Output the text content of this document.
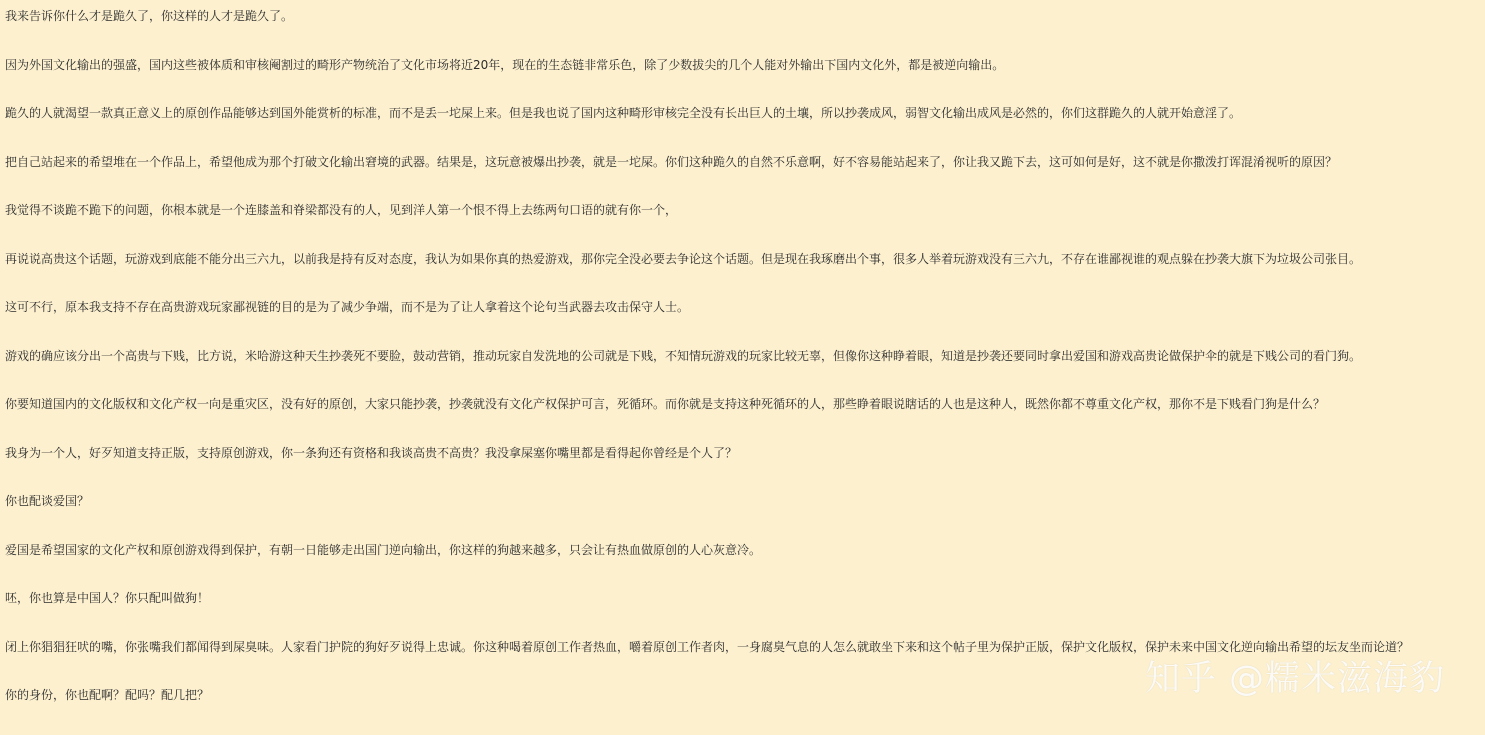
我来告诉你什么才是跪久了，你这样的人才是跪久了。

因为外国文化输出的强盛，国内这些被体质和审核阉割过的畸形产物统治了文化市场将近20年，现在的生态链非常乐色，除了少数拔尖的几个人能对外输出下国内文化外，都是被逆向输出。

跪久的人就渴望一款真正意义上的原创作品能够达到国外能赏析的标准，而不是丢一坨屎上来。但是我也说了国内这种畸形审核完全没有长出巨人的土壤，所以抄袭成风，弱智文化输出成风是必然的，你们这群跪久的人就开始意淫了。

把自己站起来的希望堆在一个作品上，希望他成为那个打破文化输出窘境的武器。结果是，这玩意被爆出抄袭，就是一坨屎。你们这种跪久的自然不乐意啊，好不容易能站起来了，你让我又跪下去，这可如何是好，这不就是你撒泼打诨混淆视听的原因？

我觉得不谈跪不跪下的问题，你根本就是一个连膝盖和脊梁都没有的人，见到洋人第一个恨不得上去练两句口语的就有你一个，

再说说高贵这个话题，玩游戏到底能不能分出三六九，以前我是持有反对态度，我认为如果你真的热爱游戏，那你完全没必要去争论这个话题。但是现在我琢磨出个事，很多人举着玩游戏没有三六九，不存在谁鄙视谁的观点躲在抄袭大旗下为垃圾公司张目。

这可不行，原本我支持不存在高贵游戏玩家鄙视链的目的是为了减少争端，而不是为了让人拿着这个论句当武器去攻击保守人士。

游戏的确应该分出一个高贵与下贱，比方说，米哈游这种天生抄袭死不要脸，鼓动营销，推动玩家自发洗地的公司就是下贱，不知情玩游戏的玩家比较无辜，但像你这种睁着眼，知道是抄袭还要同时拿出爱国和游戏高贵论做保护伞的就是下贱公司的看门狗。

你要知道国内的文化版权和文化产权一向是重灾区，没有好的原创，大家只能抄袭，抄袭就没有文化产权保护可言，死循环。而你就是支持这种死循环的人，那些睁着眼说瞎话的人也是这种人，既然你都不尊重文化产权，那你不是下贱看门狗是什么？

我身为一个人，好歹知道支持正版，支持原创游戏，你一条狗还有资格和我谈高贵不高贵？我没拿屎塞你嘴里都是看得起你曾经是个人了？

你也配谈爱国？

爱国是希望国家的文化产权和原创游戏得到保护，有朝一日能够走出国门逆向输出，你这样的狗越来越多，只会让有热血做原创的人心灰意冷。

呸，你也算是中国人？你只配叫做狗！

闭上你猖猖狂吠的嘴，你张嘴我们都闻得到屎臭味。人家看门护院的狗好歹说得上忠诚。你这种喝着原创工作者热血，嚼着原创工作者肉，一身腐臭气息的人怎么就敢坐下来和这个帖子里为保护正版，保护文化版权，保护未来中国文化逆向输出希望的坛友坐而论道？

你的身份，你也配啊？配吗？配几把？	知乎 @糯米滋海豹
